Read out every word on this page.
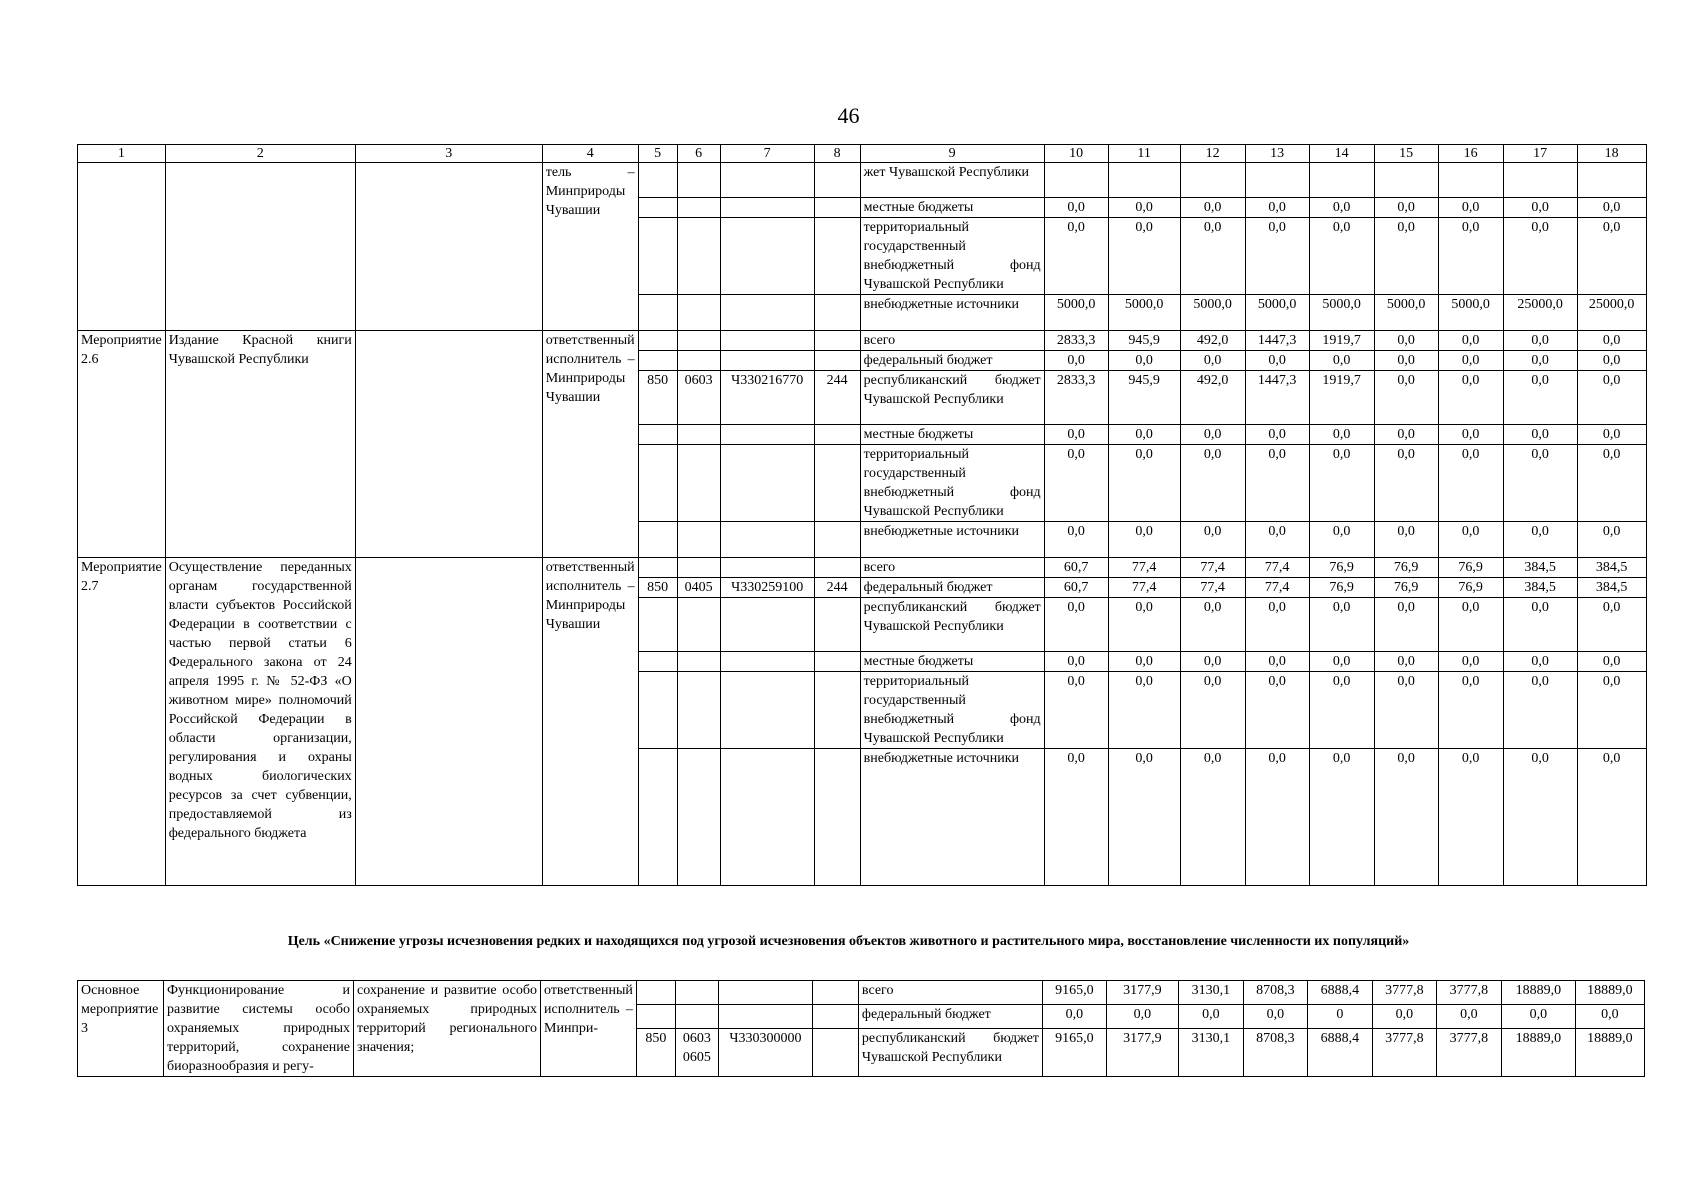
46
1	2	3	4	5	6	7	8	9	10	11	12	13	14	15	16	17	18
			тель – Минприроды Чувашии					жет Чувашской Республики									
								местные бюджеты	0,0	0,0	0,0	0,0	0,0	0,0	0,0	0,0	0,0
								территориальный государственный внебюджетный фонд Чувашской Республики	0,0	0,0	0,0	0,0	0,0	0,0	0,0	0,0	0,0
								внебюджетные источники	5000,0	5000,0	5000,0	5000,0	5000,0	5000,0	5000,0	25000,0	25000,0
Мероприятие 2.6	Издание Красной книги Чувашской Республики		ответственный исполнитель – Минприроды Чувашии					всего	2833,3	945,9	492,0	1447,3	1919,7	0,0	0,0	0,0	0,0
								федеральный бюджет	0,0	0,0	0,0	0,0	0,0	0,0	0,0	0,0	0,0
				850	0603	Ч330216770	244	республиканский бюджет Чувашской Республики	2833,3	945,9	492,0	1447,3	1919,7	0,0	0,0	0,0	0,0
								местные бюджеты	0,0	0,0	0,0	0,0	0,0	0,0	0,0	0,0	0,0
								территориальный государственный внебюджетный фонд Чувашской Республики	0,0	0,0	0,0	0,0	0,0	0,0	0,0	0,0	0,0
								внебюджетные источники	0,0	0,0	0,0	0,0	0,0	0,0	0,0	0,0	0,0
Мероприятие 2.7	Осуществление переданных органам государственной власти субъектов Российской Федерации в соответствии с частью первой статьи 6 Федерального закона от 24 апреля 1995 г. № 52-ФЗ «О животном мире» полномочий Российской Федерации в области организации, регулирования и охраны водных биологических ресурсов за счет субвенции, предоставляемой из федерального бюджета		ответственный исполнитель – Минприроды Чувашии					всего	60,7	77,4	77,4	77,4	76,9	76,9	76,9	384,5	384,5
				850	0405	Ч330259100	244	федеральный бюджет	60,7	77,4	77,4	77,4	76,9	76,9	76,9	384,5	384,5
								республиканский бюджет Чувашской Республики	0,0	0,0	0,0	0,0	0,0	0,0	0,0	0,0	0,0
								местные бюджеты	0,0	0,0	0,0	0,0	0,0	0,0	0,0	0,0	0,0
								территориальный государственный внебюджетный фонд Чувашской Республики	0,0	0,0	0,0	0,0	0,0	0,0	0,0	0,0	0,0
								внебюджетные источники	0,0	0,0	0,0	0,0	0,0	0,0	0,0	0,0	0,0
Цель «Снижение угрозы исчезновения редких и находящихся под угрозой исчезновения объектов животного и растительного мира, восстановление численности их популяций»
Основное мероприятие 3	Функционирование и развитие системы особо охраняемых природных территорий, сохранение биоразнообразия и регу-	сохранение и развитие особо охраняемых природных территорий регионального значения;	ответственный исполнитель – Минпри-					всего	9165,0	3177,9	3130,1	8708,3	6888,4	3777,8	3777,8	18889,0	18889,0
								федеральный бюджет	0,0	0,0	0,0	0,0	0	0,0	0,0	0,0	0,0
				850	0603 0605	Ч330300000		республиканский бюджет Чувашской Республики	9165,0	3177,9	3130,1	8708,3	6888,4	3777,8	3777,8	18889,0	18889,0
